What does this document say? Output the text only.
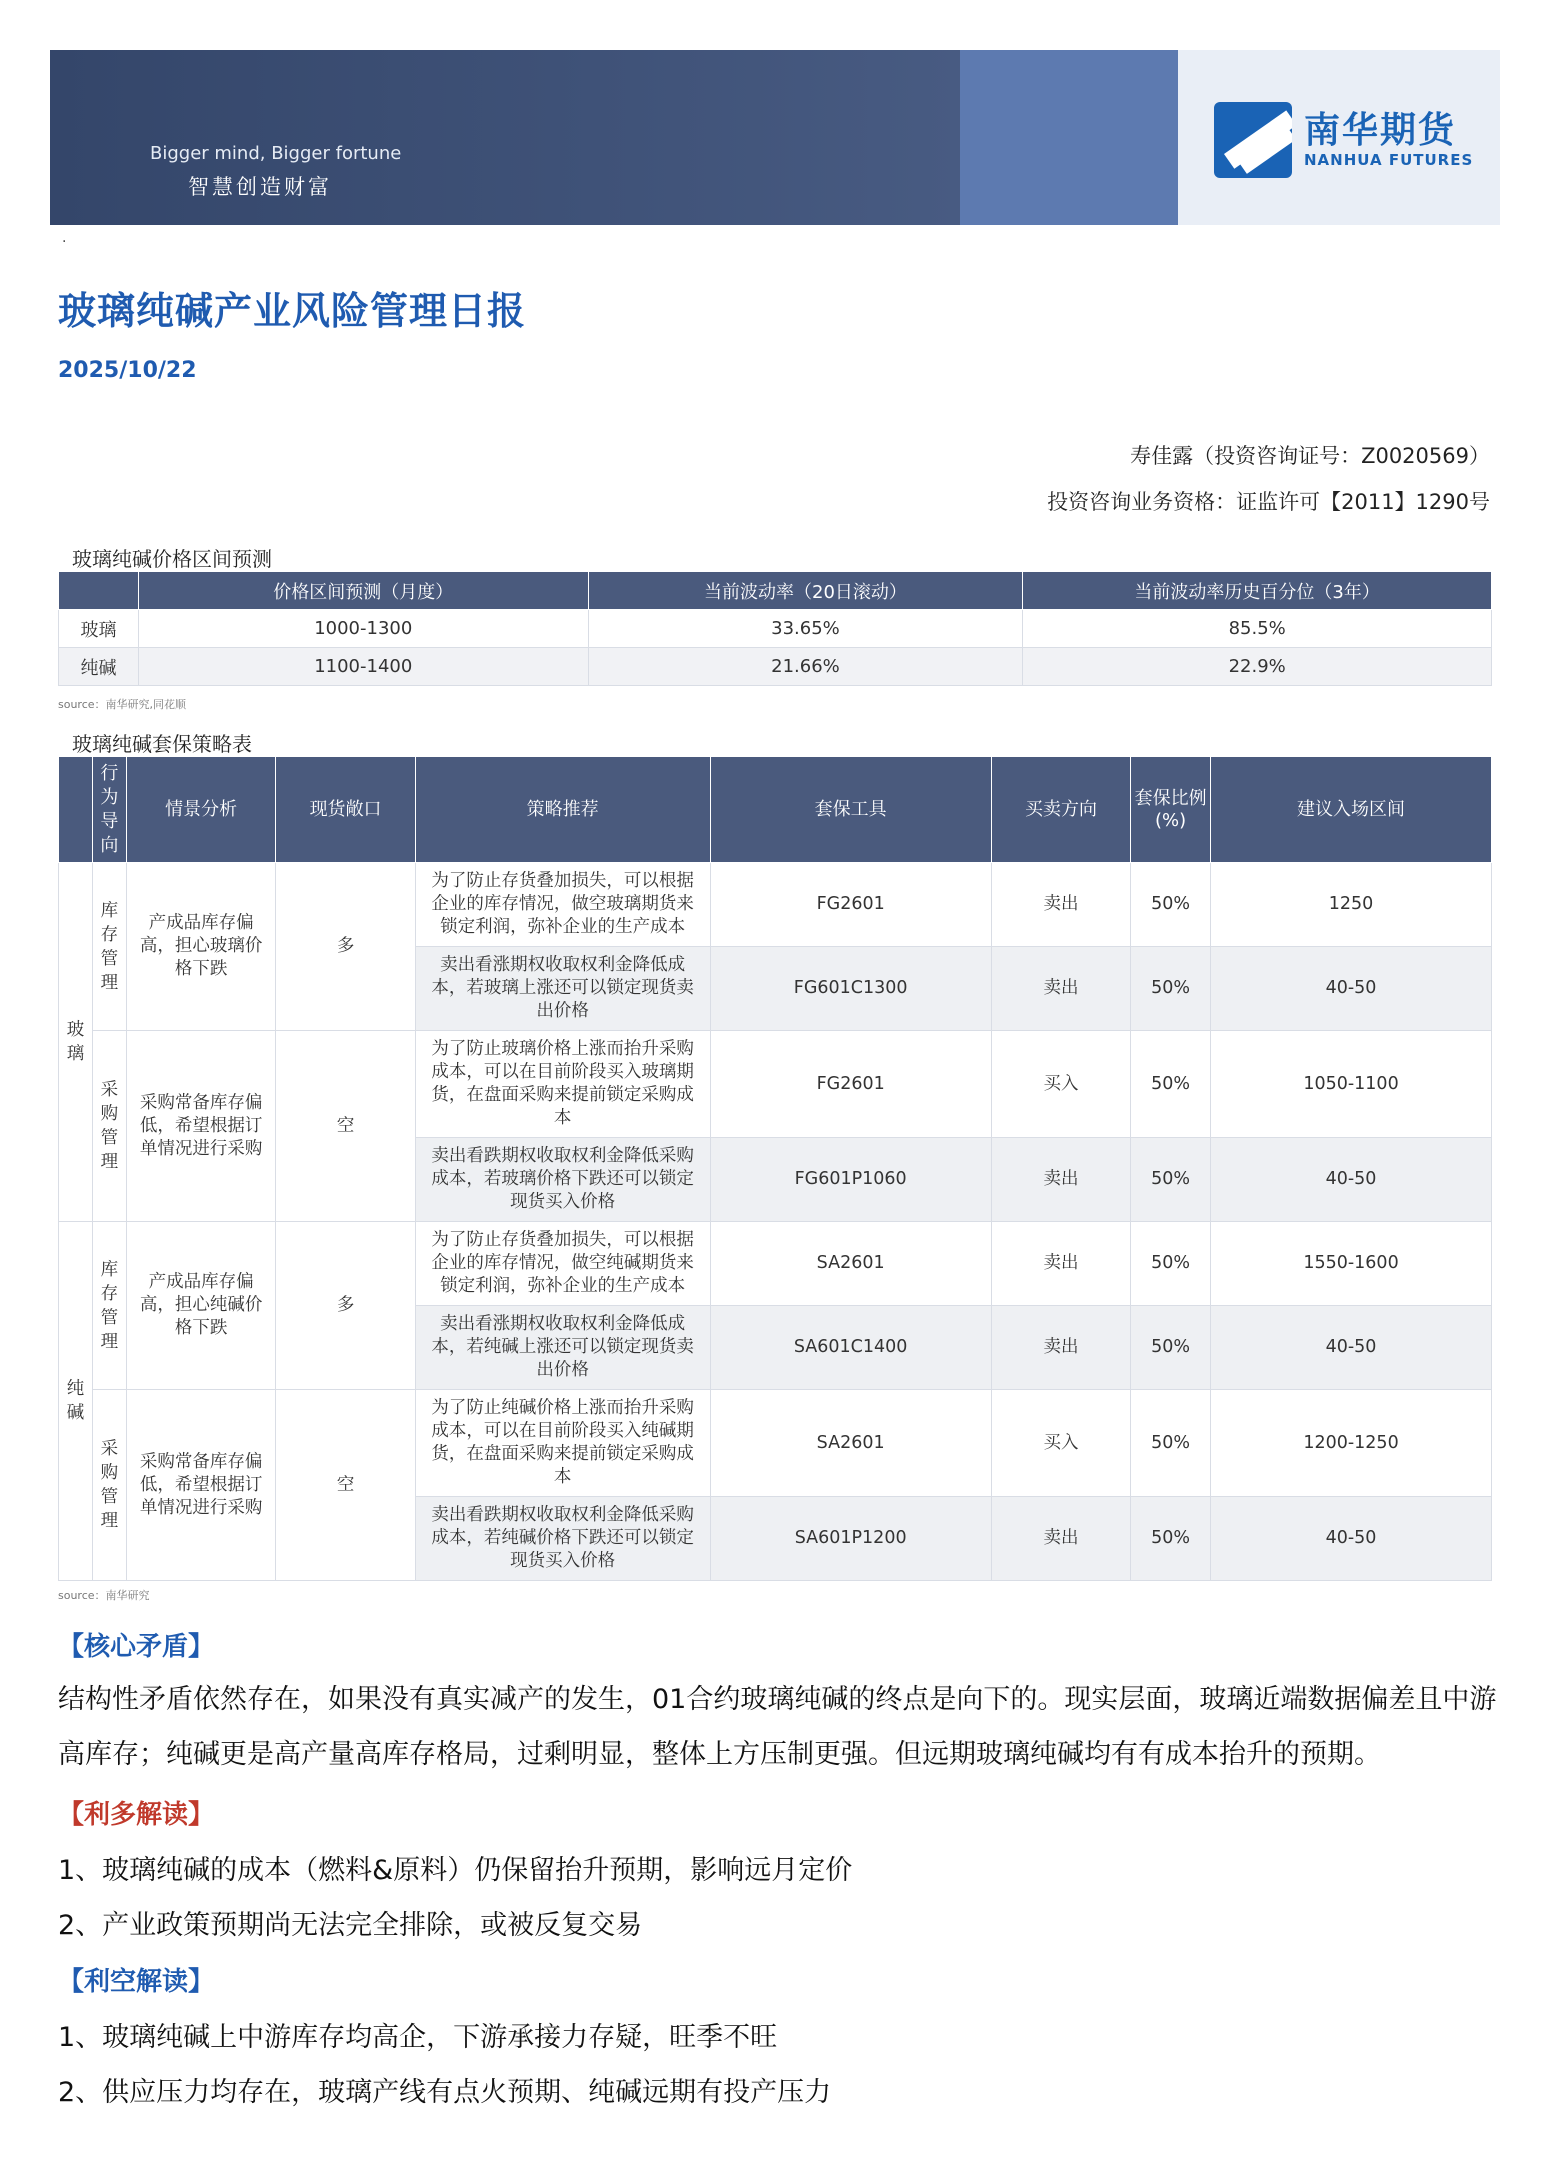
Bigger mind, Bigger fortune
智慧创造财富
南华期货
NANHUA FUTURES
.
玻璃纯碱产业风险管理日报
2025/10/22
寿佳露（投资咨询证号：Z0020569）
投资咨询业务资格：证监许可【2011】1290号
玻璃纯碱价格区间预测
	价格区间预测（月度）	当前波动率（20日滚动）	当前波动率历史百分位（3年）
玻璃	1000-1300	33.65%	85.5%
纯碱	1100-1400	21.66%	22.9%
source：南华研究,同花顺
玻璃纯碱套保策略表
	行为导向	情景分析	现货敞口	策略推荐	套保工具	买卖方向	套保比例(%)	建议入场区间
玻璃	库存管理	产成品库存偏高，担心玻璃价格下跌	多	为了防止存货叠加损失，可以根据企业的库存情况，做空玻璃期货来锁定利润，弥补企业的生产成本	FG2601	卖出	50%	1250
				卖出看涨期权收取权利金降低成本，若玻璃上涨还可以锁定现货卖出价格	FG601C1300	卖出	50%	40-50
	采购管理	采购常备库存偏低，希望根据订单情况进行采购	空	为了防止玻璃价格上涨而抬升采购成本，可以在目前阶段买入玻璃期货，在盘面采购来提前锁定采购成本	FG2601	买入	50%	1050-1100
				卖出看跌期权收取权利金降低采购成本，若玻璃价格下跌还可以锁定现货买入价格	FG601P1060	卖出	50%	40-50
纯碱	库存管理	产成品库存偏高，担心纯碱价格下跌	多	为了防止存货叠加损失，可以根据企业的库存情况，做空纯碱期货来锁定利润，弥补企业的生产成本	SA2601	卖出	50%	1550-1600
				卖出看涨期权收取权利金降低成本，若纯碱上涨还可以锁定现货卖出价格	SA601C1400	卖出	50%	40-50
	采购管理	采购常备库存偏低，希望根据订单情况进行采购	空	为了防止纯碱价格上涨而抬升采购成本，可以在目前阶段买入纯碱期货，在盘面采购来提前锁定采购成本	SA2601	买入	50%	1200-1250
				卖出看跌期权收取权利金降低采购成本，若纯碱价格下跌还可以锁定现货买入价格	SA601P1200	卖出	50%	40-50
source：南华研究
【核心矛盾】
结构性矛盾依然存在，如果没有真实减产的发生，01合约玻璃纯碱的终点是向下的。现实层面，玻璃近端数据偏差且中游高库存；纯碱更是高产量高库存格局，过剩明显，整体上方压制更强。但远期玻璃纯碱均有有成本抬升的预期。
【利多解读】
1、玻璃纯碱的成本（燃料&原料）仍保留抬升预期，影响远月定价
2、产业政策预期尚无法完全排除，或被反复交易
【利空解读】
1、玻璃纯碱上中游库存均高企，下游承接力存疑，旺季不旺
2、供应压力均存在，玻璃产线有点火预期、纯碱远期有投产压力
